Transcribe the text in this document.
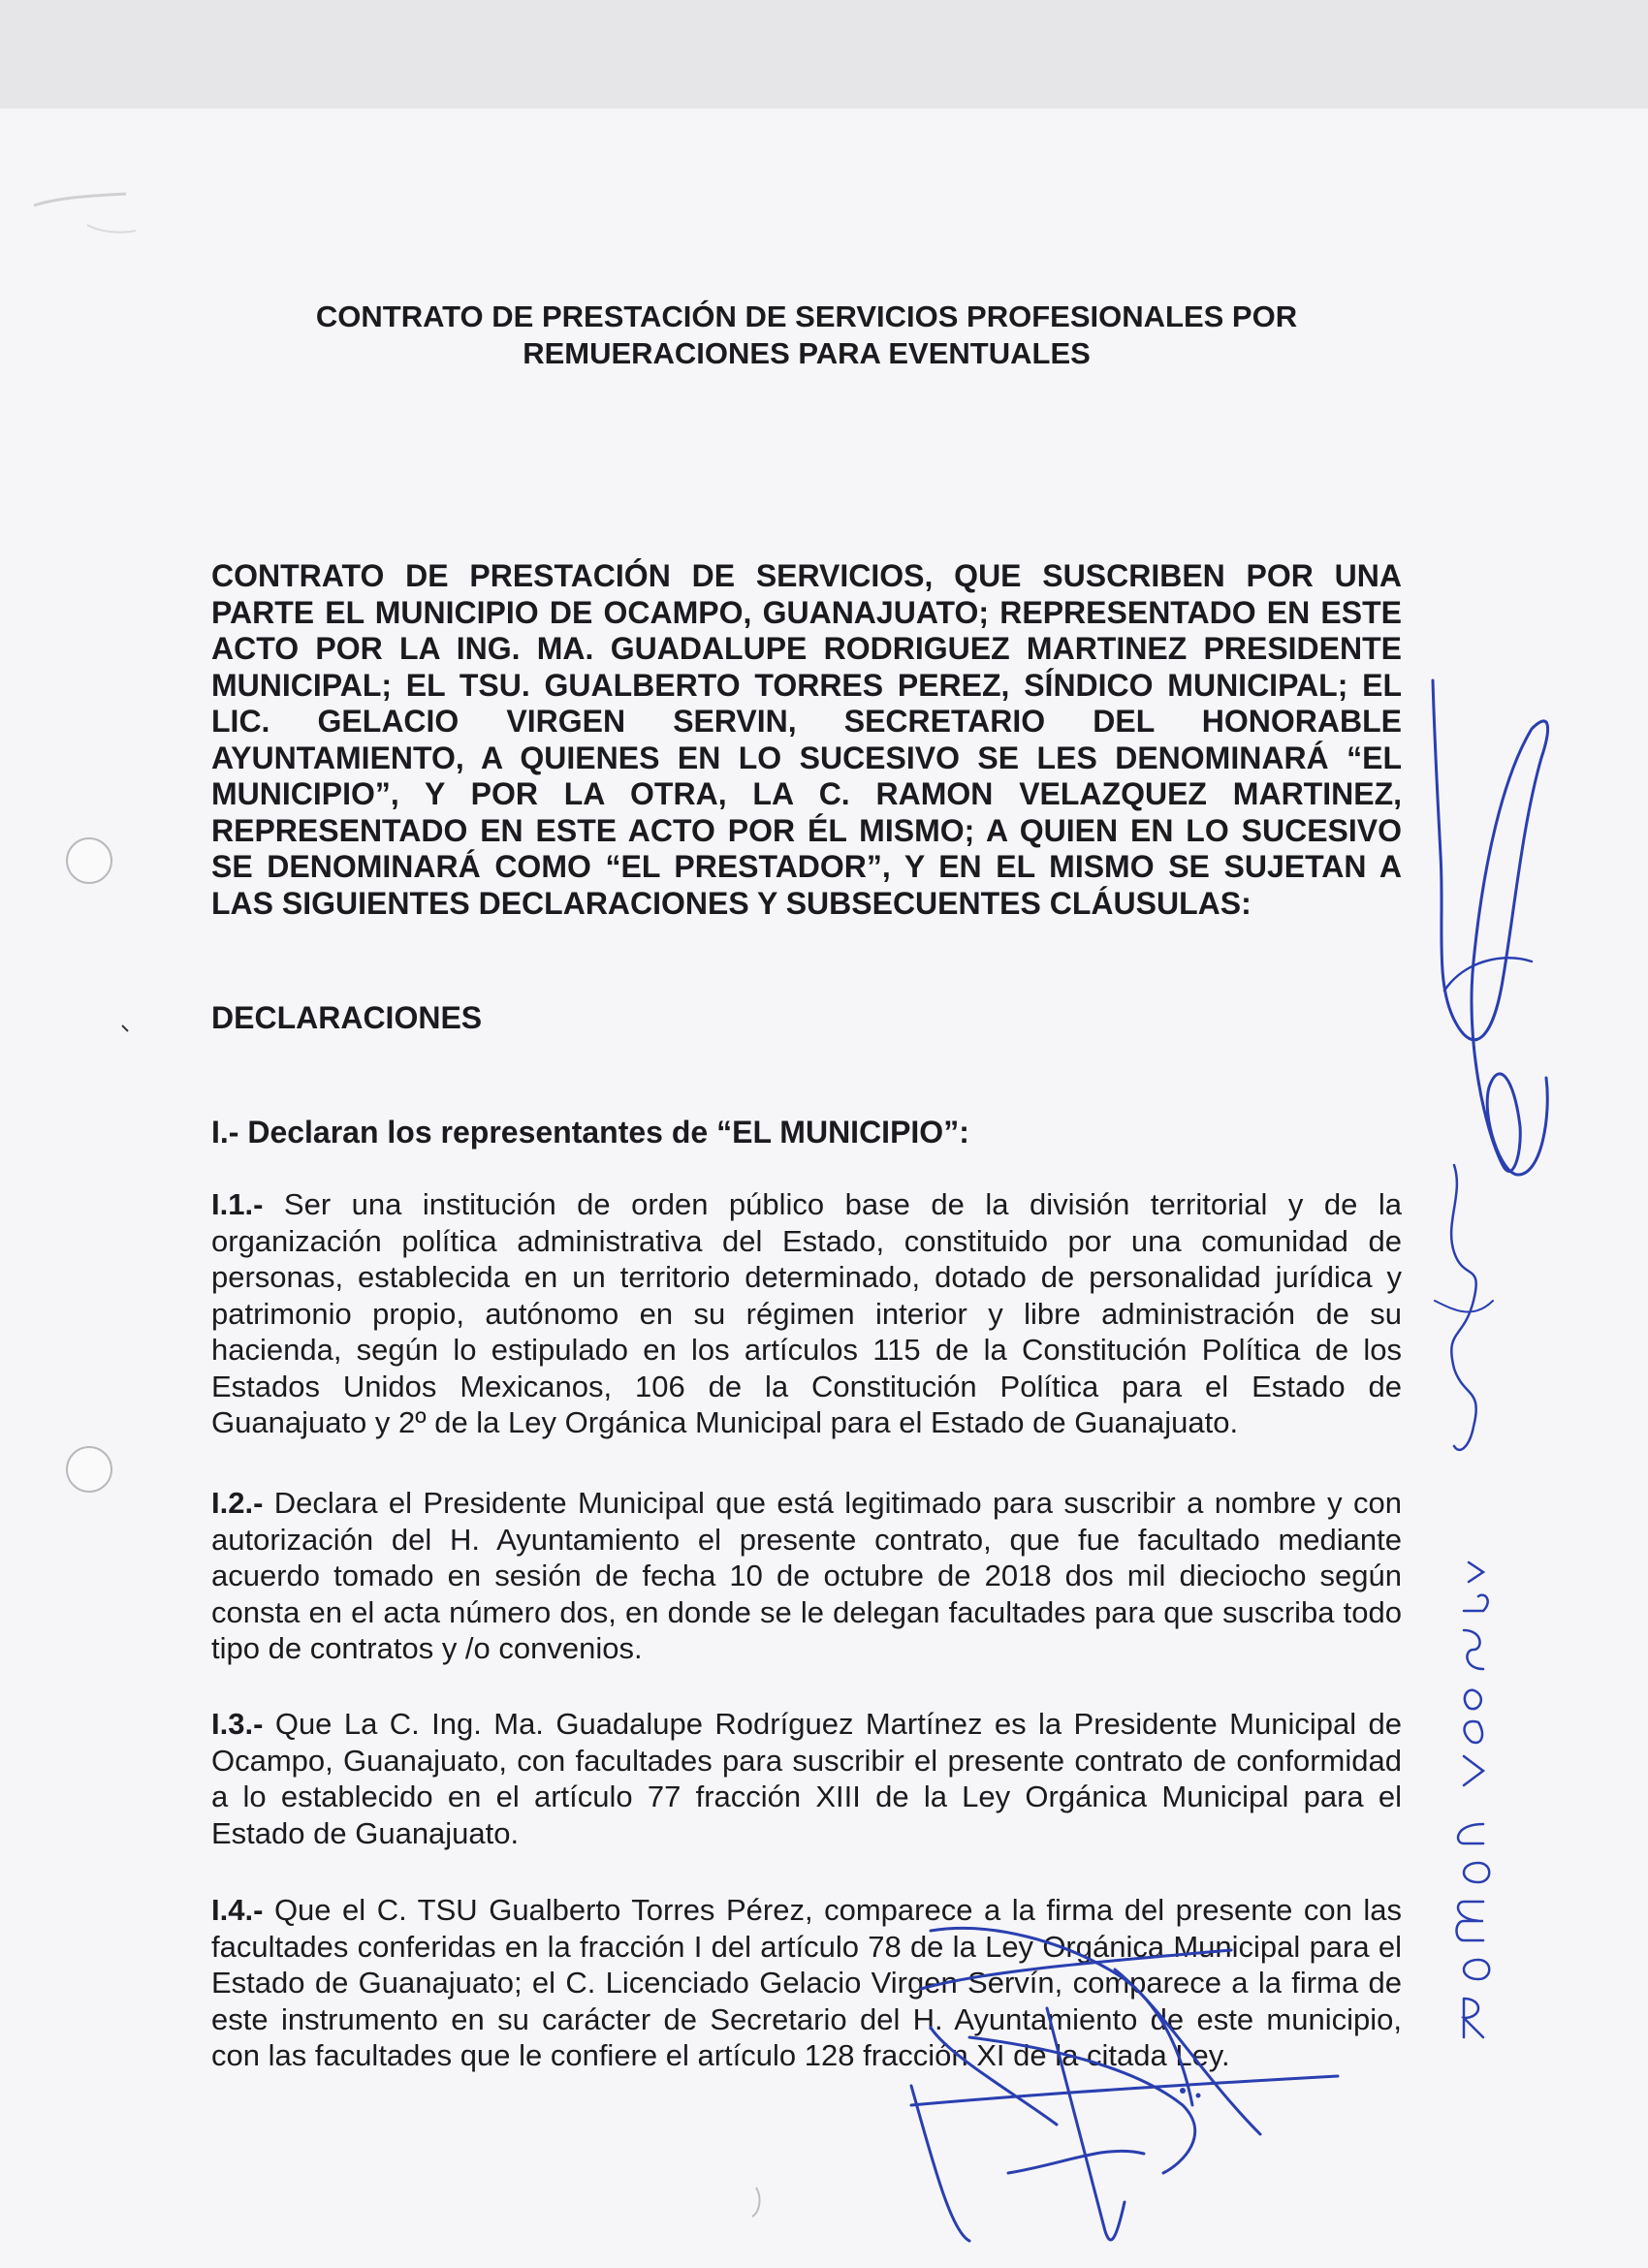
CONTRATO DE PRESTACIÓN DE SERVICIOS PROFESIONALES POR
REMUERACIONES PARA EVENTUALES

CONTRATO DE PRESTACIÓN DE SERVICIOS, QUE SUSCRIBEN POR UNA PARTE EL MUNICIPIO DE OCAMPO, GUANAJUATO; REPRESENTADO EN ESTE ACTO POR LA ING. MA. GUADALUPE RODRIGUEZ MARTINEZ PRESIDENTE MUNICIPAL; EL TSU. GUALBERTO TORRES PEREZ, SÍNDICO MUNICIPAL; EL LIC. GELACIO VIRGEN SERVIN, SECRETARIO DEL HONORABLE AYUNTAMIENTO, A QUIENES EN LO SUCESIVO SE LES DENOMINARÁ “EL MUNICIPIO”, Y POR LA OTRA, LA C. RAMON VELAZQUEZ MARTINEZ, REPRESENTADO EN ESTE ACTO POR ÉL MISMO; A QUIEN EN LO SUCESIVO SE DENOMINARÁ COMO “EL PRESTADOR”, Y EN EL MISMO SE SUJETAN A LAS SIGUIENTES DECLARACIONES Y SUBSECUENTES CLÁUSULAS:

DECLARACIONES
I.- Declaran los representantes de “EL MUNICIPIO”:

I.1.- Ser una institución de orden público base de la división territorial y de la organización política administrativa del Estado, constituido por una comunidad de personas, establecida en un territorio determinado, dotado de personalidad jurídica y patrimonio propio, autónomo en su régimen interior y libre administración de su hacienda, según lo estipulado en los artículos 115 de la Constitución Política de los Estados Unidos Mexicanos, 106 de la Constitución Política para el Estado de Guanajuato y 2º de la Ley Orgánica Municipal para el Estado de Guanajuato.

I.2.- Declara el Presidente Municipal que está legitimado para suscribir a nombre y con autorización del H. Ayuntamiento el presente contrato, que fue facultado mediante acuerdo tomado en sesión de fecha 10 de octubre de 2018 dos mil dieciocho según consta en el acta número dos, en donde se le delegan facultades para que suscriba todo tipo de contratos y /o convenios.

I.3.- Que La C. Ing. Ma. Guadalupe Rodríguez Martínez es la Presidente Municipal de Ocampo, Guanajuato, con facultades para suscribir el presente contrato de conformidad a lo establecido en el artículo 77 fracción XIII de la Ley Orgánica Municipal para el Estado de Guanajuato.

I.4.- Que el C. TSU Gualberto Torres Pérez, comparece a la firma del presente con las facultades conferidas en la fracción I del artículo 78 de la Ley Orgánica Municipal para el Estado de Guanajuato; el C. Licenciado Gelacio Virgen Servín, comparece a la firma de este instrumento en su carácter de Secretario del H. Ayuntamiento de este municipio, con las facultades que le confiere el artículo 128 fracción XI de la citada Ley.
